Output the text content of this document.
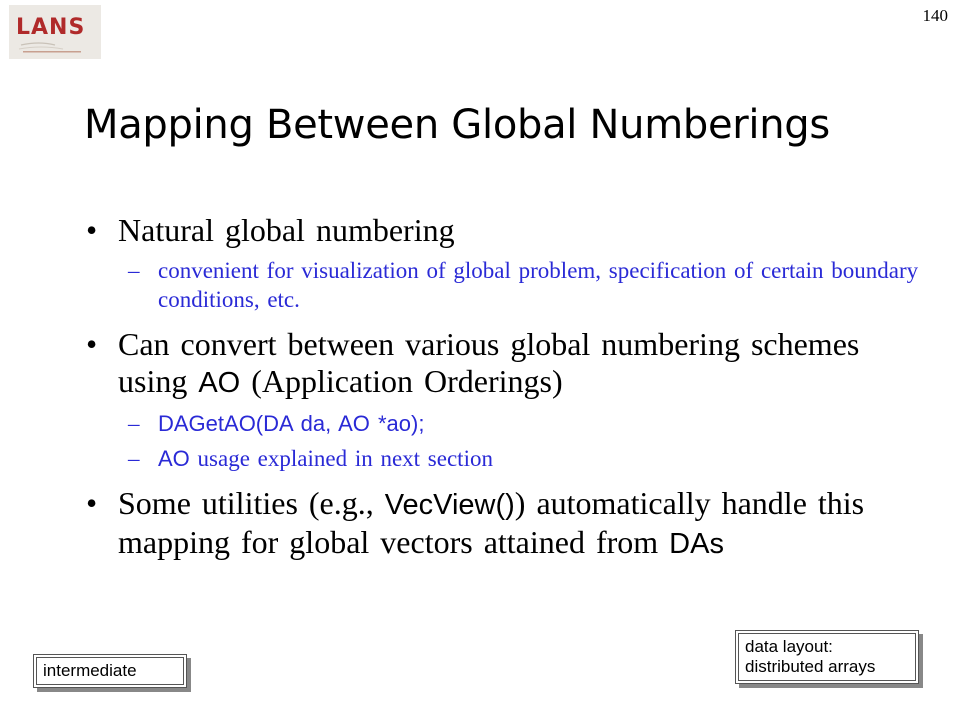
LANS	140
Mapping Between Global Numberings
• Natural global numbering
– convenient for visualization of global problem, specification of certain boundary conditions, etc.
• Can convert between various global numbering schemes using AO (Application Orderings)
– DAGetAO(DA da, AO *ao);
– AO usage explained in next section
• Some utilities (e.g., VecView()) automatically handle this mapping for global vectors attained from DAs
intermediate
data layout:
distributed arrays
